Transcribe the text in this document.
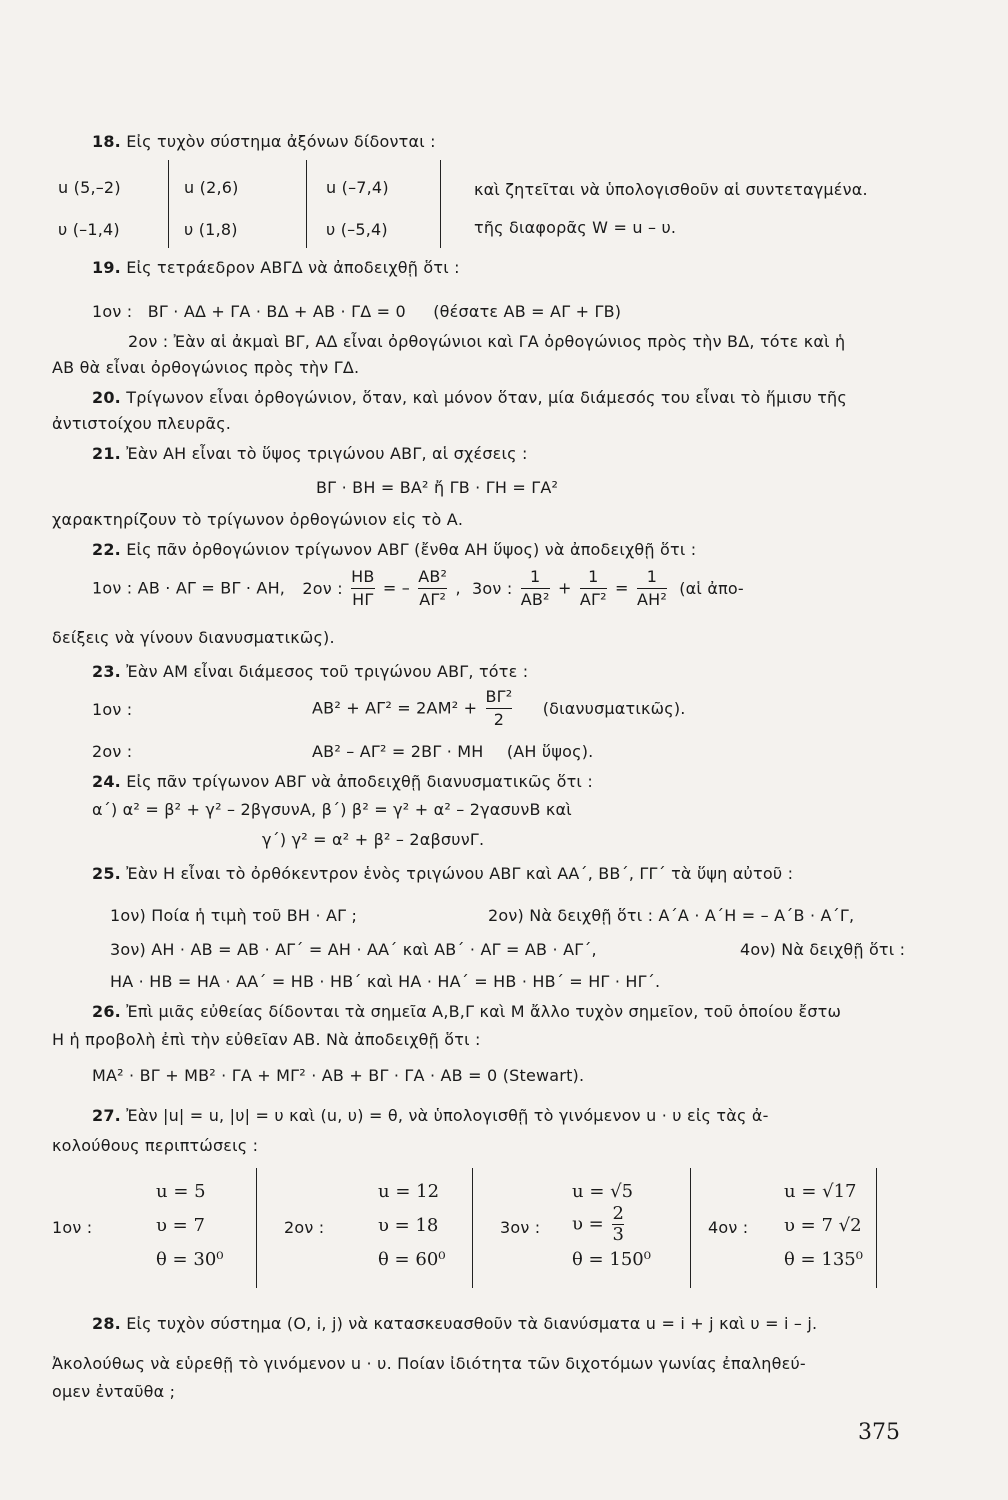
18. Εἰς τυχὸν σύστημα ἀξόνων δίδονται :
u (5,–2)	u (2,6)	u (–7,4)
υ (–1,4)	υ (1,8)	υ (–5,4)
καὶ ζητεῖται νὰ ὑπολογισθοῦν αἱ συντεταγμένα.
τῆς διαφορᾶς W = u – υ.
19. Εἰς τετράεδρον ΑΒΓΔ νὰ ἀποδειχθῇ ὅτι :
1ον : ΒΓ · ΑΔ + ΓΑ · ΒΔ + ΑΒ · ΓΔ = 0 (θέσατε ΑΒ = ΑΓ + ΓΒ)
2ον : Ἐὰν αἱ ἀκμαὶ ΒΓ, ΑΔ εἶναι ὀρθογώνιοι καὶ ΓΑ ὀρθογώνιος πρὸς τὴν ΒΔ, τότε καὶ ἡ
ΑΒ θὰ εἶναι ὀρθογώνιος πρὸς τὴν ΓΔ.
20. Τρίγωνον εἶναι ὀρθογώνιον, ὅταν, καὶ μόνον ὅταν, μία διάμεσός του εἶναι τὸ ἥμισυ τῆς
ἀντιστοίχου πλευρᾶς.
21. Ἐὰν ΑΗ εἶναι τὸ ὕψος τριγώνου ΑΒΓ, αἱ σχέσεις :
ΒΓ · ΒΗ = ΒΑ² ἤ ΓΒ · ΓΗ = ΓΑ²
χαρακτηρίζουν τὸ τρίγωνον ὀρθογώνιον εἰς τὸ Α.
22. Εἰς πᾶν ὀρθογώνιον τρίγωνον ΑΒΓ (ἔνθα ΑΗ ὕψος) νὰ ἀποδειχθῇ ὅτι :
1ον : ΑΒ · ΑΓ = ΒΓ · ΑΗ, 2ον : $\frac{HB}{H\Gamma}$ = – $\frac{\text{ΑΒ²}}{\text{ΑΓ²}}$ , 3ον : $\frac{1}{\text{ΑΒ²}} + \frac{1}{\text{ΑΓ²}} = \frac{1}{\text{ΑΗ²}}$ (αἱ ἀπο-
δείξεις νὰ γίνουν διανυσματικῶς).
23. Ἐὰν ΑΜ εἶναι διάμεσος τοῦ τριγώνου ΑΒΓ, τότε :
1ον :	$AB^2 + A\Gamma^2 = 2AM^2 + \frac{\text{ΒΓ²}}{2}$ (διανυσματικῶς).
2ον :	ΑΒ² – ΑΓ² = 2ΒΓ · ΜΗ (ΑΗ ὕψος).
24. Εἰς πᾶν τρίγωνον ΑΒΓ νὰ ἀποδειχθῇ διανυσματικῶς ὅτι :
α΄) α² = β² + γ² – 2βγσυνΑ, β΄) β² = γ² + α² – 2γασυνΒ καὶ
γ΄) γ² = α² + β² – 2αβσυνΓ.
25. Ἐὰν Η εἶναι τὸ ὀρθόκεντρον ἑνὸς τριγώνου ΑΒΓ καὶ ΑΑ΄, ΒΒ΄, ΓΓ΄ τὰ ὕψη αὐτοῦ :
1ον) Ποία ἡ τιμὴ τοῦ ΒΗ · ΑΓ ;	2ον) Νὰ δειχθῇ ὅτι : Α΄Α · Α΄Η = – Α΄Β · Α΄Γ,
3ον) ΑΗ · ΑΒ = ΑΒ · ΑΓ΄ = ΑΗ · ΑΑ΄ καὶ ΑΒ΄ · ΑΓ = ΑΒ · ΑΓ΄,	4ον) Νὰ δειχθῇ ὅτι :
ΗΑ · ΗΒ = ΗΑ · ΑΑ΄ = ΗΒ · ΗΒ΄ καὶ ΗΑ · ΗΑ΄ = ΗΒ · ΗΒ΄ = ΗΓ · ΗΓ΄.
26. Ἐπὶ μιᾶς εὐθείας δίδονται τὰ σημεῖα Α,Β,Γ καὶ Μ ἄλλο τυχὸν σημεῖον, τοῦ ὁποίου ἔστω
Η ἡ προβολὴ ἐπὶ τὴν εὐθεῖαν ΑΒ. Νὰ ἀποδειχθῇ ὅτι :
ΜΑ² · ΒΓ + ΜΒ² · ΓΑ + ΜΓ² · ΑΒ + ΒΓ · ΓΑ · ΑΒ = 0 (Stewart).
27. Ἐὰν |u| = u, |υ| = υ καὶ (u, υ) = θ, νὰ ὑπολογισθῇ τὸ γινόμενον u · υ εἰς τὰς ἀ-
κολούθους περιπτώσεις :
1ον :
u = 5
υ = 7
θ = 30⁰
2ον :
u = 12
υ = 18
θ = 60⁰
3ον :
u = √5
$\upsilon = \frac{2}{3}$
θ = 150⁰
4ον :
u = √17
υ = 7 √2
θ = 135⁰
28. Εἰς τυχὸν σύστημα (Ο, i, j) νὰ κατασκευασθοῦν τὰ διανύσματα u = i + j καὶ υ = i – j.
Ἀκολούθως νὰ εὑρεθῇ τὸ γινόμενον u · υ. Ποίαν ἰδιότητα τῶν διχοτόμων γωνίας ἐπαληθεύ-
ομεν ἐνταῦθα ;
375
